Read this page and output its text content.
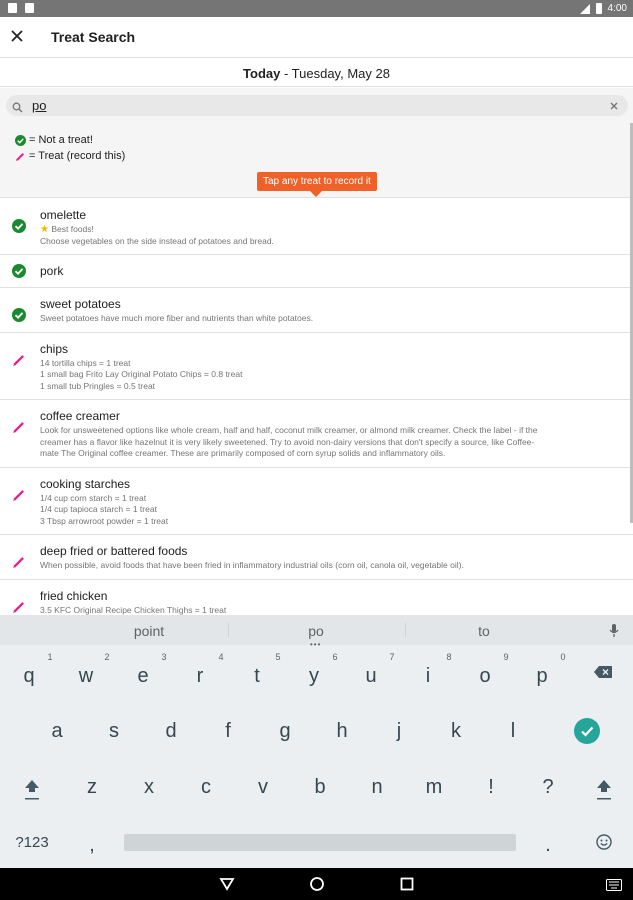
4:00
Treat Search
Today - Tuesday, May 28
po
= Not a treat!
= Treat (record this)
Tap any treat to record it
omelette
★ Best foods!
Choose vegetables on the side instead of potatoes and bread.
pork
sweet potatoes
Sweet potatoes have much more fiber and nutrients than white potatoes.
chips
14 tortilla chips = 1 treat
1 small bag Frito Lay Original Potato Chips = 0.8 treat
1 small tub Pringles = 0.5 treat
coffee creamer
Look for unsweetened options like whole cream, half and half, coconut milk creamer, or almond milk creamer. Check the label - if the
creamer has a flavor like hazelnut it is very likely sweetened. Try to avoid non-dairy versions that don't specify a source, like Coffee-
mate The Original coffee creamer. These are primarily composed of corn syrup solids and inflammatory oils.
cooking starches
1/4 cup corn starch = 1 treat
1/4 cup tapioca starch = 1 treat
3 Tbsp arrowroot powder = 1 treat
deep fried or battered foods
When possible, avoid foods that have been fried in inflammatory industrial oils (corn oil, canola oil, vegetable oil).
fried chicken
3.5 KFC Original Recipe Chicken Thighs = 1 treat
point	po
•••
to
q
1
w
2
e
3
r
4
t
5
y
6
u
7
i
8
o
9
p
0
a	s	d	f	g	h	j	k	l
z	x	c	v	b	n	m	!	?
?123	,	.
